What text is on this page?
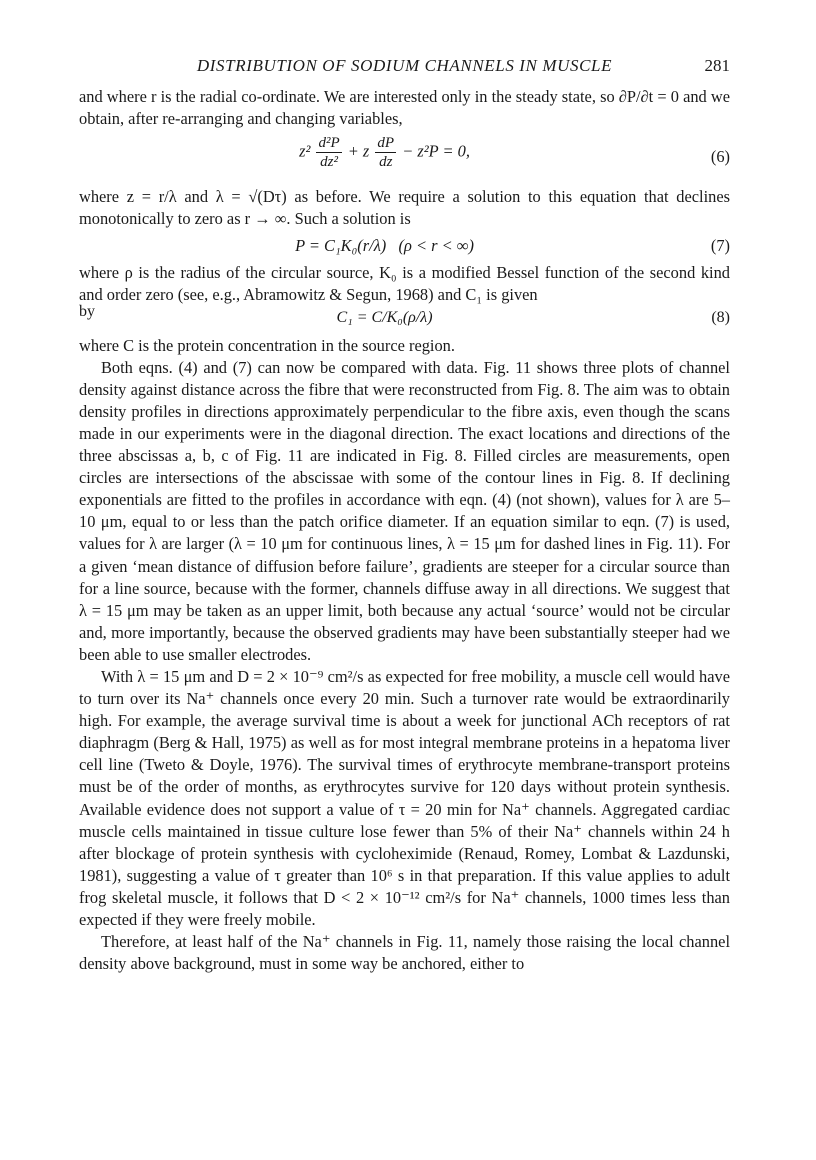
DISTRIBUTION OF SODIUM CHANNELS IN MUSCLE	281

and where r is the radial co-ordinate. We are interested only in the steady state, so ∂P/∂t = 0 and we obtain, after re-arranging and changing variables,

$z^2 \frac{\text{d²P}}{\text{dz²}} + z \frac{dP}{dz} - z^2P = 0$,	(6)

where z = r/λ and λ = √(Dτ) as before. We require a solution to this equation that declines monotonically to zero as r → ∞. Such a solution is

P = C₁K₀(r/λ)   (ρ < r < ∞)	(7)

where ρ is the radius of the circular source, K₀ is a modified Bessel function of the second kind and order zero (see, e.g., Abramowitz & Segun, 1968) and C₁ is given

by	C₁ = C/K₀(ρ/λ)	(8)

where C is the protein concentration in the source region.

Both eqns. (4) and (7) can now be compared with data. Fig. 11 shows three plots of channel density against distance across the fibre that were reconstructed from Fig. 8. The aim was to obtain density profiles in directions approximately perpendicular to the fibre axis, even though the scans made in our experiments were in the diagonal direction. The exact locations and directions of the three abscissas a, b, c of Fig. 11 are indicated in Fig. 8. Filled circles are measurements, open circles are intersections of the abscissae with some of the contour lines in Fig. 8. If declining exponentials are fitted to the profiles in accordance with eqn. (4) (not shown), values for λ are 5–10 μm, equal to or less than the patch orifice diameter. If an equation similar to eqn. (7) is used, values for λ are larger (λ = 10 μm for continuous lines, λ = 15 μm for dashed lines in Fig. 11). For a given ‘mean distance of diffusion before failure’, gradients are steeper for a circular source than for a line source, because with the former, channels diffuse away in all directions. We suggest that λ = 15 μm may be taken as an upper limit, both because any actual ‘source’ would not be circular and, more importantly, because the observed gradients may have been substantially steeper had we been able to use smaller electrodes.

With λ = 15 μm and D = 2 × 10⁻⁹ cm²/s as expected for free mobility, a muscle cell would have to turn over its Na⁺ channels once every 20 min. Such a turnover rate would be extraordinarily high. For example, the average survival time is about a week for junctional ACh receptors of rat diaphragm (Berg & Hall, 1975) as well as for most integral membrane proteins in a hepatoma liver cell line (Tweto & Doyle, 1976). The survival times of erythrocyte membrane-transport proteins must be of the order of months, as erythrocytes survive for 120 days without protein synthesis. Available evidence does not support a value of τ = 20 min for Na⁺ channels. Aggregated cardiac muscle cells maintained in tissue culture lose fewer than 5% of their Na⁺ channels within 24 h after blockage of protein synthesis with cycloheximide (Renaud, Romey, Lombat & Lazdunski, 1981), suggesting a value of τ greater than 10⁶ s in that preparation. If this value applies to adult frog skeletal muscle, it follows that D < 2 × 10⁻¹² cm²/s for Na⁺ channels, 1000 times less than expected if they were freely mobile.

Therefore, at least half of the Na⁺ channels in Fig. 11, namely those raising the local channel density above background, must in some way be anchored, either to
